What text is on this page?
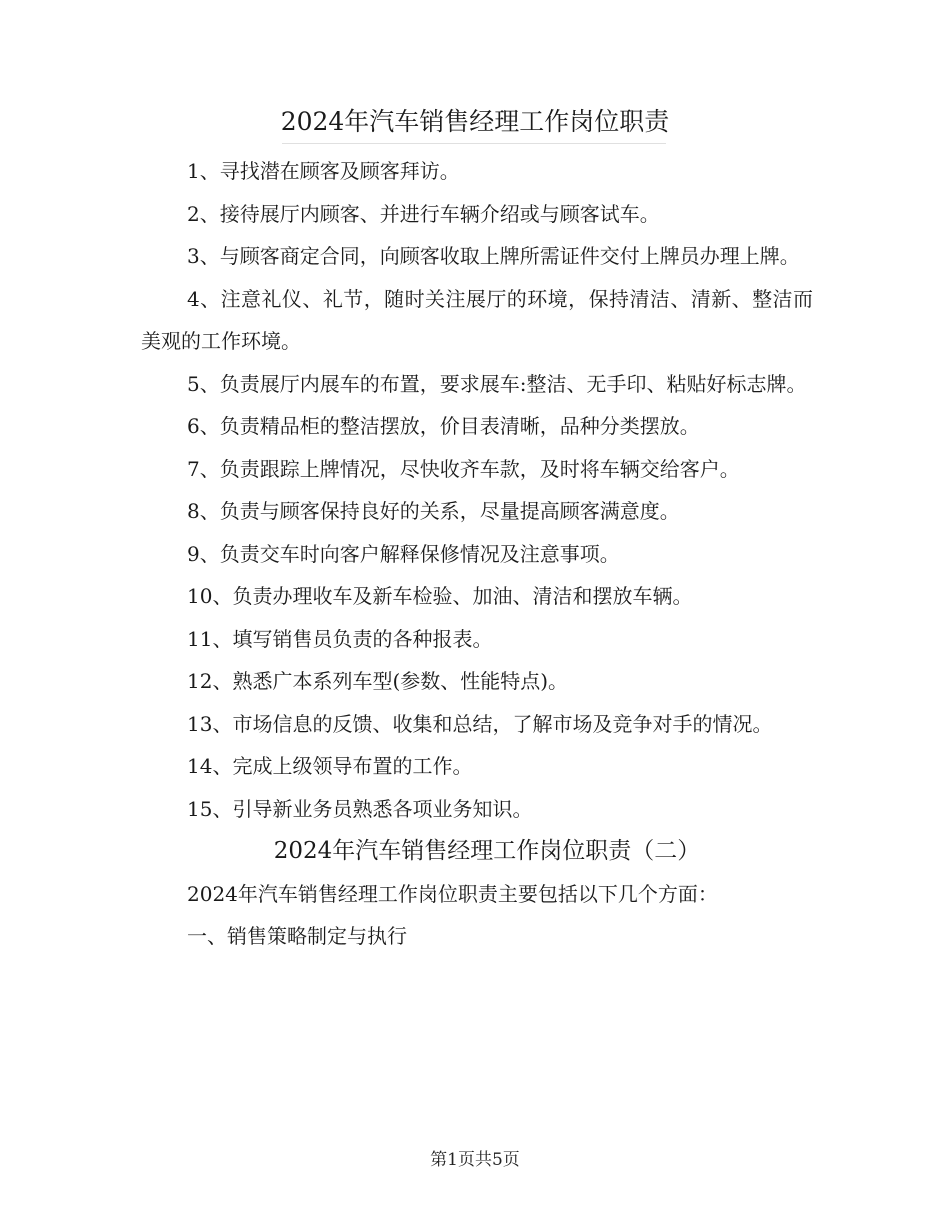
2024年汽车销售经理工作岗位职责

1、寻找潜在顾客及顾客拜访。

2、接待展厅内顾客、并进行车辆介绍或与顾客试车。

3、与顾客商定合同，向顾客收取上牌所需证件交付上牌员办理上牌。

4、注意礼仪、礼节，随时关注展厅的环境，保持清洁、清新、整洁而美观的工作环境。

5、负责展厅内展车的布置，要求展车:整洁、无手印、粘贴好标志牌。

6、负责精品柜的整洁摆放，价目表清晰，品种分类摆放。

7、负责跟踪上牌情况，尽快收齐车款，及时将车辆交给客户。

8、负责与顾客保持良好的关系，尽量提高顾客满意度。

9、负责交车时向客户解释保修情况及注意事项。

10、负责办理收车及新车检验、加油、清洁和摆放车辆。

11、填写销售员负责的各种报表。

12、熟悉广本系列车型(参数、性能特点)。

13、市场信息的反馈、收集和总结，了解市场及竞争对手的情况。

14、完成上级领导布置的工作。

15、引导新业务员熟悉各项业务知识。

2024年汽车销售经理工作岗位职责（二）

2024年汽车销售经理工作岗位职责主要包括以下几个方面：

一、销售策略制定与执行

第1页共5页
